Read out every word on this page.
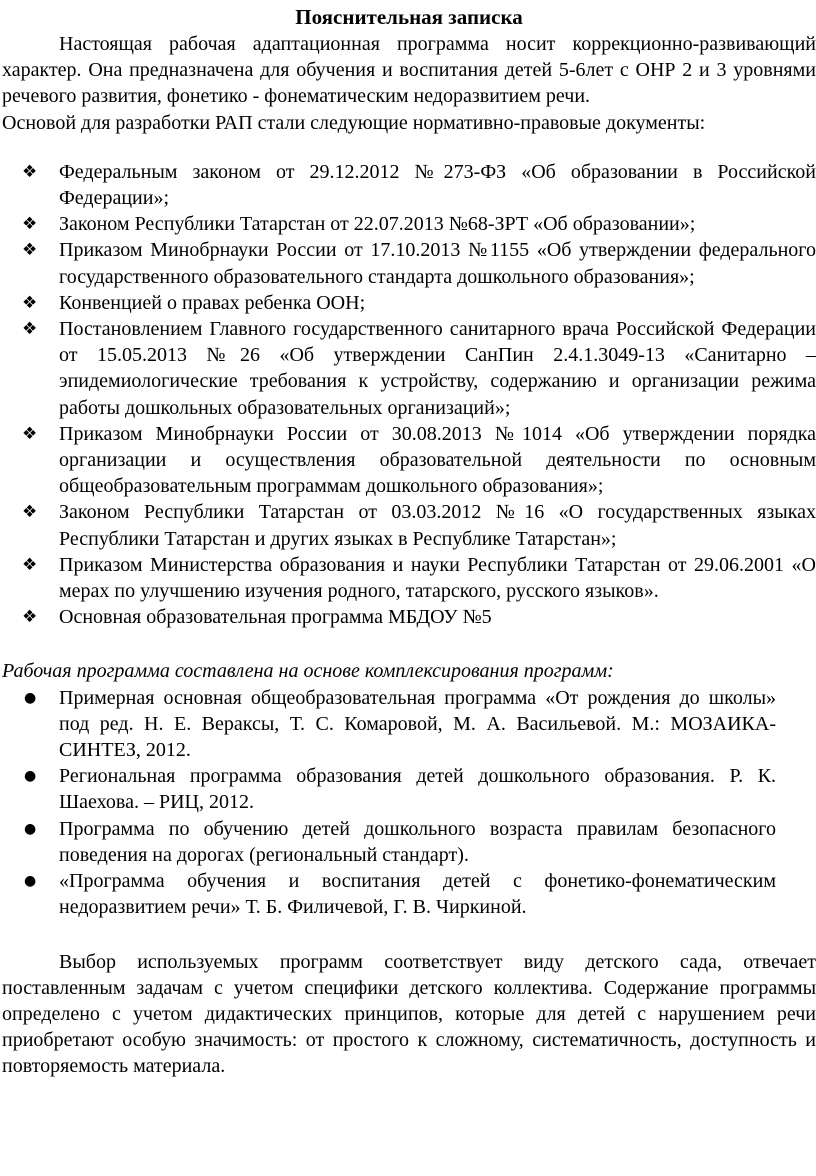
Пояснительная записка

Настоящая рабочая адаптационная программа носит коррекционно-развивающий характер. Она предназначена для обучения и воспитания детей 5-6лет с ОНР 2 и 3 уровнями речевого развития, фонетико - фонематическим недоразвитием речи.

Основой для разработки РАП стали следующие нормативно-правовые документы:

❖	Федеральным законом от 29.12.2012 №273-ФЗ «Об образовании в Российской Федерации»;
❖	Законом Республики Татарстан от 22.07.2013 №68-ЗРТ «Об образовании»;
❖	Приказом Минобрнауки России от 17.10.2013 №1155 «Об утверждении федерального государственного образовательного стандарта дошкольного образования»;
❖	Конвенцией о правах ребенка ООН;
❖	Постановлением Главного государственного санитарного врача Российской Федерации от 15.05.2013 №26 «Об утверждении СанПин 2.4.1.3049-13 «Санитарно – эпидемиологические требования к устройству, содержанию и организации режима работы дошкольных образовательных организаций»;
❖	Приказом Минобрнауки России от 30.08.2013 №1014 «Об утверждении порядка организации и осуществления образовательной деятельности по основным общеобразовательным программам дошкольного образования»;
❖	Законом Республики Татарстан от 03.03.2012 №16 «О государственных языках Республики Татарстан и других языках в Республике Татарстан»;
❖	Приказом Министерства образования и науки Республики Татарстан от 29.06.2001 «О мерах по улучшению изучения родного, татарского, русского языков».
❖	Основная образовательная программа МБДОУ №5

Рабочая программа составлена на основе комплексирования программ:

●	Примерная основная общеобразовательная программа «От рождения до школы» под ред. Н. Е. Вераксы, Т. С. Комаровой, М. А. Васильевой. М.: МОЗАИКА-СИНТЕЗ, 2012.
●	Региональная программа образования детей дошкольного образования. Р. К. Шаехова. – РИЦ, 2012.
●	Программа по обучению детей дошкольного возраста правилам безопасного поведения на дорогах (региональный стандарт).
●	«Программа обучения и воспитания детей с фонетико-фонематическим недоразвитием речи» Т. Б. Филичевой, Г. В. Чиркиной.

Выбор используемых программ соответствует виду детского сада, отвечает поставленным задачам с учетом специфики детского коллектива. Содержание программы определено с учетом дидактических принципов, которые для детей с нарушением речи приобретают особую значимость: от простого к сложному, систематичность, доступность и повторяемость материала.
